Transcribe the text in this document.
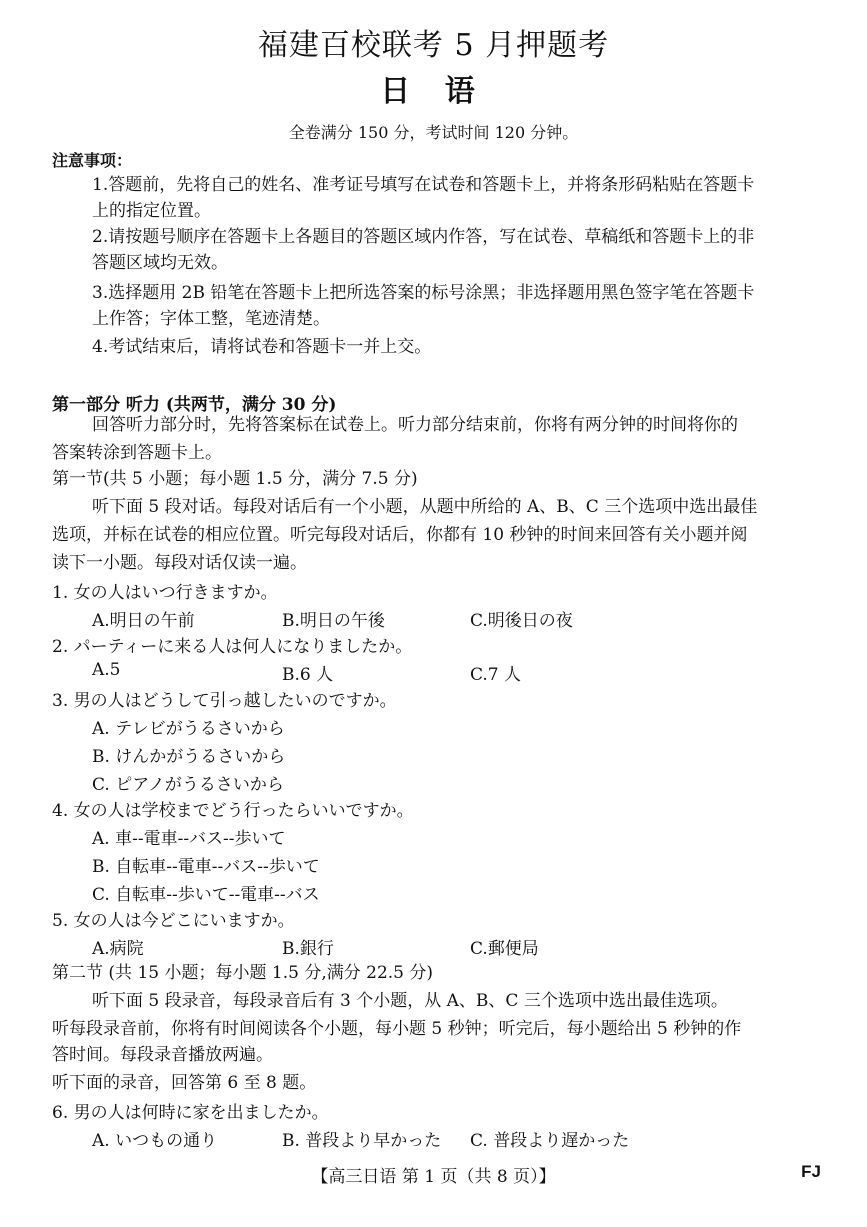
福建百校联考 5 月押题考
日 语
全卷满分 150 分，考试时间 120 分钟。
注意事项：
1.答题前，先将自己的姓名、准考证号填写在试卷和答题卡上，并将条形码粘贴在答题卡
上的指定位置。
2.请按题号顺序在答题卡上各题目的答题区域内作答，写在试卷、草稿纸和答题卡上的非
答题区域均无效。
3.选择题用 2B 铅笔在答题卡上把所选答案的标号涂黑；非选择题用黑色签字笔在答题卡
上作答；字体工整，笔迹清楚。
4.考试结束后，请将试卷和答题卡一并上交。
第一部分 听力 (共两节，满分 30 分)
回答听力部分时，先将答案标在试卷上。听力部分结束前，你将有两分钟的时间将你的
答案转涂到答题卡上。
第一节(共 5 小题；每小题 1.5 分，满分 7.5 分)
听下面 5 段对话。每段对话后有一个小题，从题中所给的 A、B、C 三个选项中选出最佳
选项，并标在试卷的相应位置。听完每段对话后，你都有 10 秒钟的时间来回答有关小题并阅
读下一小题。每段对话仅读一遍。
1. 女の人はいつ行きますか。
A.明日の午前	B.明日の午後	C.明後日の夜
2. パーティーに来る人は何人になりましたか。
A.5	B.6 人	C.7 人
3. 男の人はどうして引っ越したいのですか。
A. テレビがうるさいから
B. けんかがうるさいから
C. ピアノがうるさいから
4. 女の人は学校までどう行ったらいいですか。
A. 車--電車--バス--歩いて
B. 自転車--電車--バス--歩いて
C. 自転車--歩いて--電車--バス
5. 女の人は今どこにいますか。
A.病院	B.銀行	C.郵便局
第二节 (共 15 小题；每小题 1.5 分,满分 22.5 分)
听下面 5 段录音，每段录音后有 3 个小题，从 A、B、C 三个选项中选出最佳选项。
听每段录音前，你将有时间阅读各个小题，每小题 5 秒钟；听完后，每小题给出 5 秒钟的作
答时间。每段录音播放两遍。
听下面的录音，回答第 6 至 8 题。
6. 男の人は何時に家を出ましたか。
A. いつもの通り	B. 普段より早かった C. 普段より遅かった
【高三日语 第 1 页（共 8 页）】	FJ
